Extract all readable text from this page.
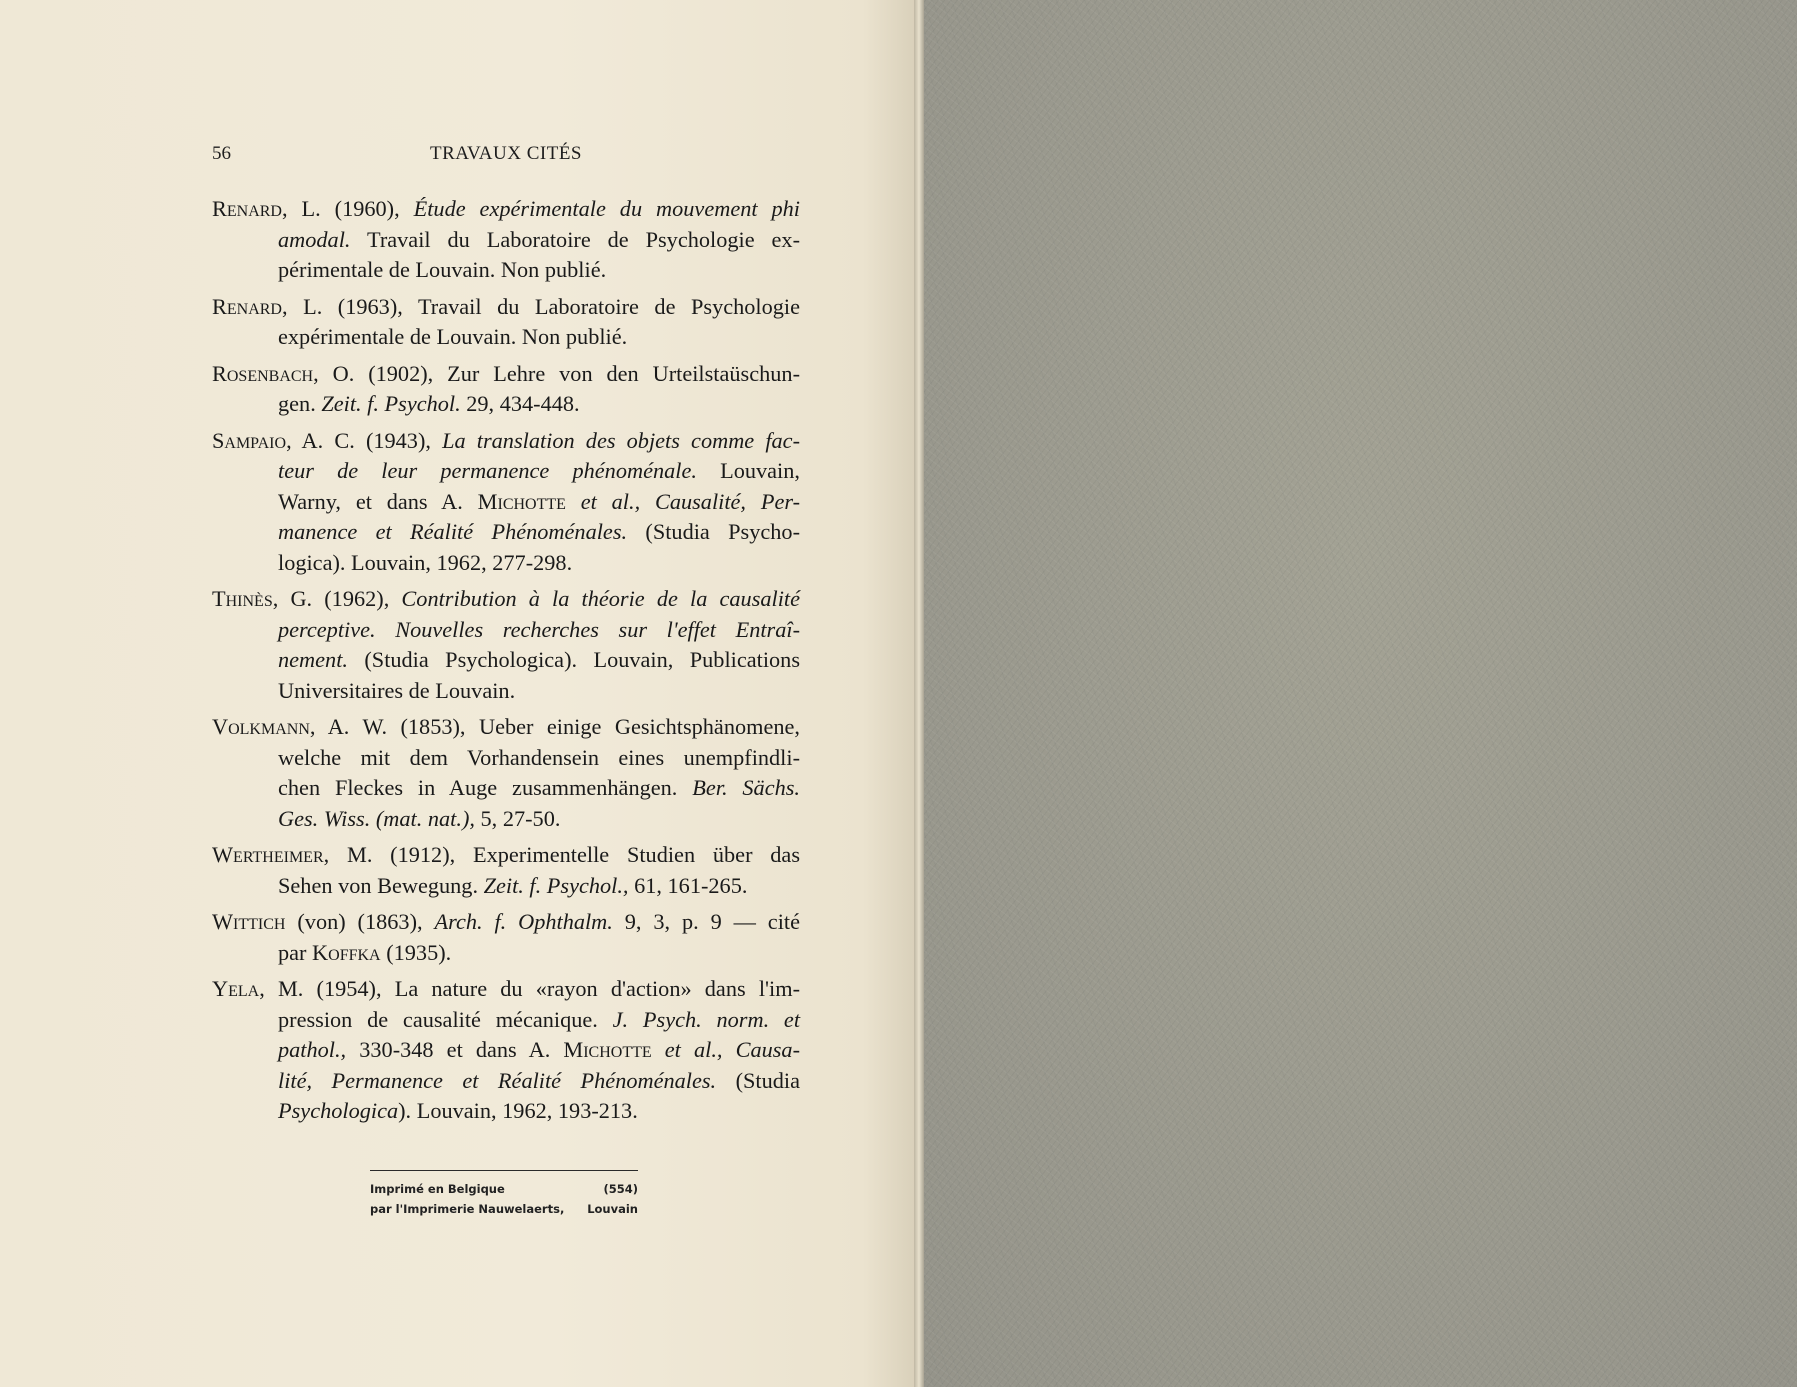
56	TRAVAUX CITÉS
Renard, L. (1960), Étude expérimentale du mouvement phi
amodal. Travail du Laboratoire de Psychologie ex-
périmentale de Louvain. Non publié.
Renard, L. (1963), Travail du Laboratoire de Psychologie
expérimentale de Louvain. Non publié.
Rosenbach, O. (1902), Zur Lehre von den Urteilstaüschun-
gen. Zeit. f. Psychol. 29, 434-448.
Sampaio, A. C. (1943), La translation des objets comme fac-
teur de leur permanence phénoménale. Louvain,
Warny, et dans A. Michotte et al., Causalité, Per-
manence et Réalité Phénoménales. (Studia Psycho-
logica). Louvain, 1962, 277-298.
Thinès, G. (1962), Contribution à la théorie de la causalité
perceptive. Nouvelles recherches sur l'effet Entraî-
nement. (Studia Psychologica). Louvain, Publications
Universitaires de Louvain.
Volkmann, A. W. (1853), Ueber einige Gesichtsphänomene,
welche mit dem Vorhandensein eines unempfindli-
chen Fleckes in Auge zusammenhängen. Ber. Sächs.
Ges. Wiss. (mat. nat.), 5, 27-50.
Wertheimer, M. (1912), Experimentelle Studien über das
Sehen von Bewegung. Zeit. f. Psychol., 61, 161-265.
Wittich (von) (1863), Arch. f. Ophthalm. 9, 3, p. 9 — cité
par Koffka (1935).
Yela, M. (1954), La nature du «rayon d'action» dans l'im-
pression de causalité mécanique. J. Psych. norm. et
pathol., 330-348 et dans A. Michotte et al., Causa-
lité, Permanence et Réalité Phénoménales. (Studia
Psychologica). Louvain, 1962, 193-213.
Imprimé en Belgique	(554)
par l'Imprimerie Nauwelaerts, Louvain
